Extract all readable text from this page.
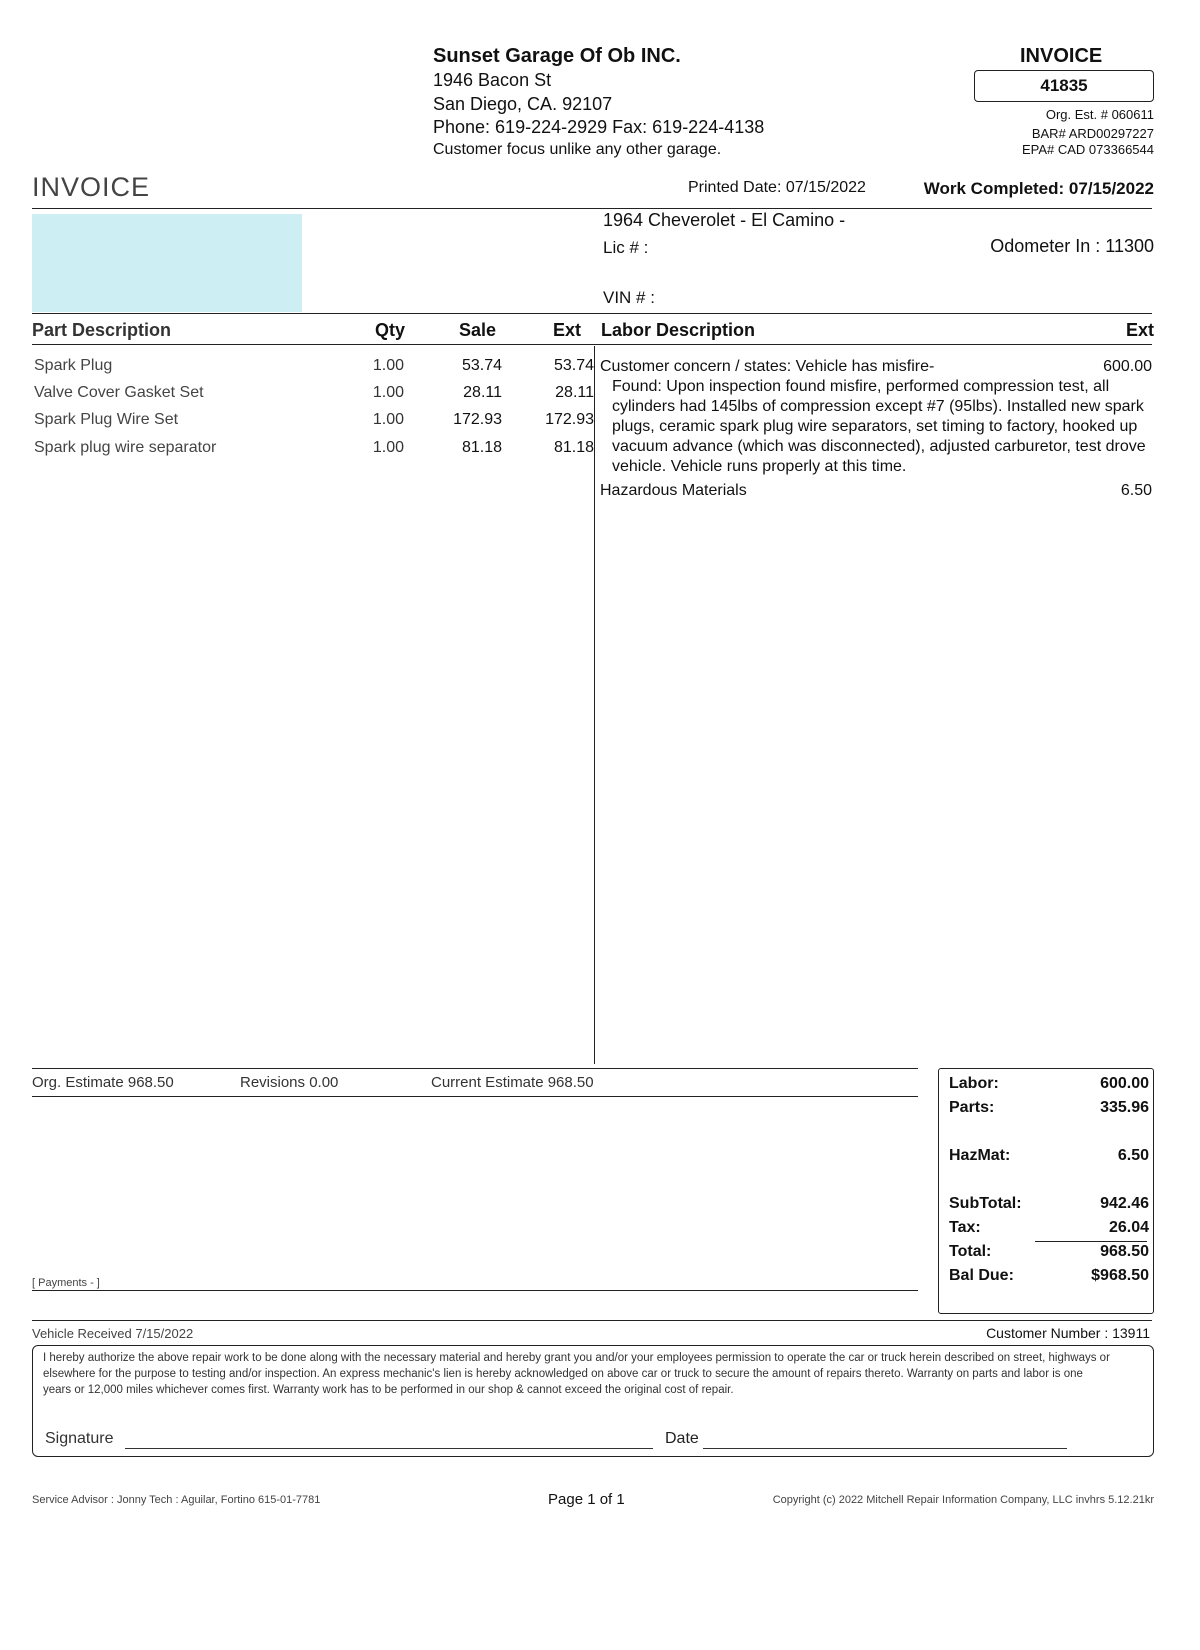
Sunset Garage Of Ob INC.
1946 Bacon St
San Diego, CA. 92107
Phone: 619-224-2929 Fax: 619-224-4138
Customer focus unlike any other garage.
INVOICE
41835
Org. Est. # 060611
BAR# ARD00297227
EPA# CAD 073366544
INVOICE	Printed Date: 07/15/2022	Work Completed: 07/15/2022
1964 Cheverolet - El Camino -
Lic # :	Odometer In : 11300
VIN # :
Part Description	Qty	Sale	Ext Labor Description	Ext
Spark Plug	1.00	53.74	53.74
Valve Cover Gasket Set	1.00	28.11	28.11
Spark Plug Wire Set	1.00	172.93	172.93
Spark plug wire separator	1.00	81.18	81.18
Customer concern / states: Vehicle has misfire-	600.00
Found: Upon inspection found misfire, performed compression test, all cylinders had 145lbs of compression except #7 (95lbs). Installed new spark plugs, ceramic spark plug wire separators, set timing to factory, hooked up vacuum advance (which was disconnected), adjusted carburetor, test drove vehicle. Vehicle runs properly at this time.
Hazardous Materials	6.50
Org. Estimate 968.50	Revisions 0.00	Current Estimate 968.50	Labor:	600.00
Parts:	335.96
HazMat:	6.50
SubTotal:	942.46
Tax:	26.04
Total:	968.50
Bal Due:	$968.50
[ Payments - ]
Vehicle Received 7/15/2022	Customer Number : 13911
I hereby authorize the above repair work to be done along with the necessary material and hereby grant you and/or your employees permission to operate the car or truck herein described on street, highways or elsewhere for the purpose to testing and/or inspection. An express mechanic's lien is hereby acknowledged on above car or truck to secure the amount of repairs thereto. Warranty on parts and labor is one years or 12,000 miles whichever comes first. Warranty work has to be performed in our shop & cannot exceed the original cost of repair.
Signature	Date
Service Advisor : Jonny Tech : Aguilar, Fortino 615-01-7781	Page 1 of 1	Copyright (c) 2022 Mitchell Repair Information Company, LLC invhrs 5.12.21kr
